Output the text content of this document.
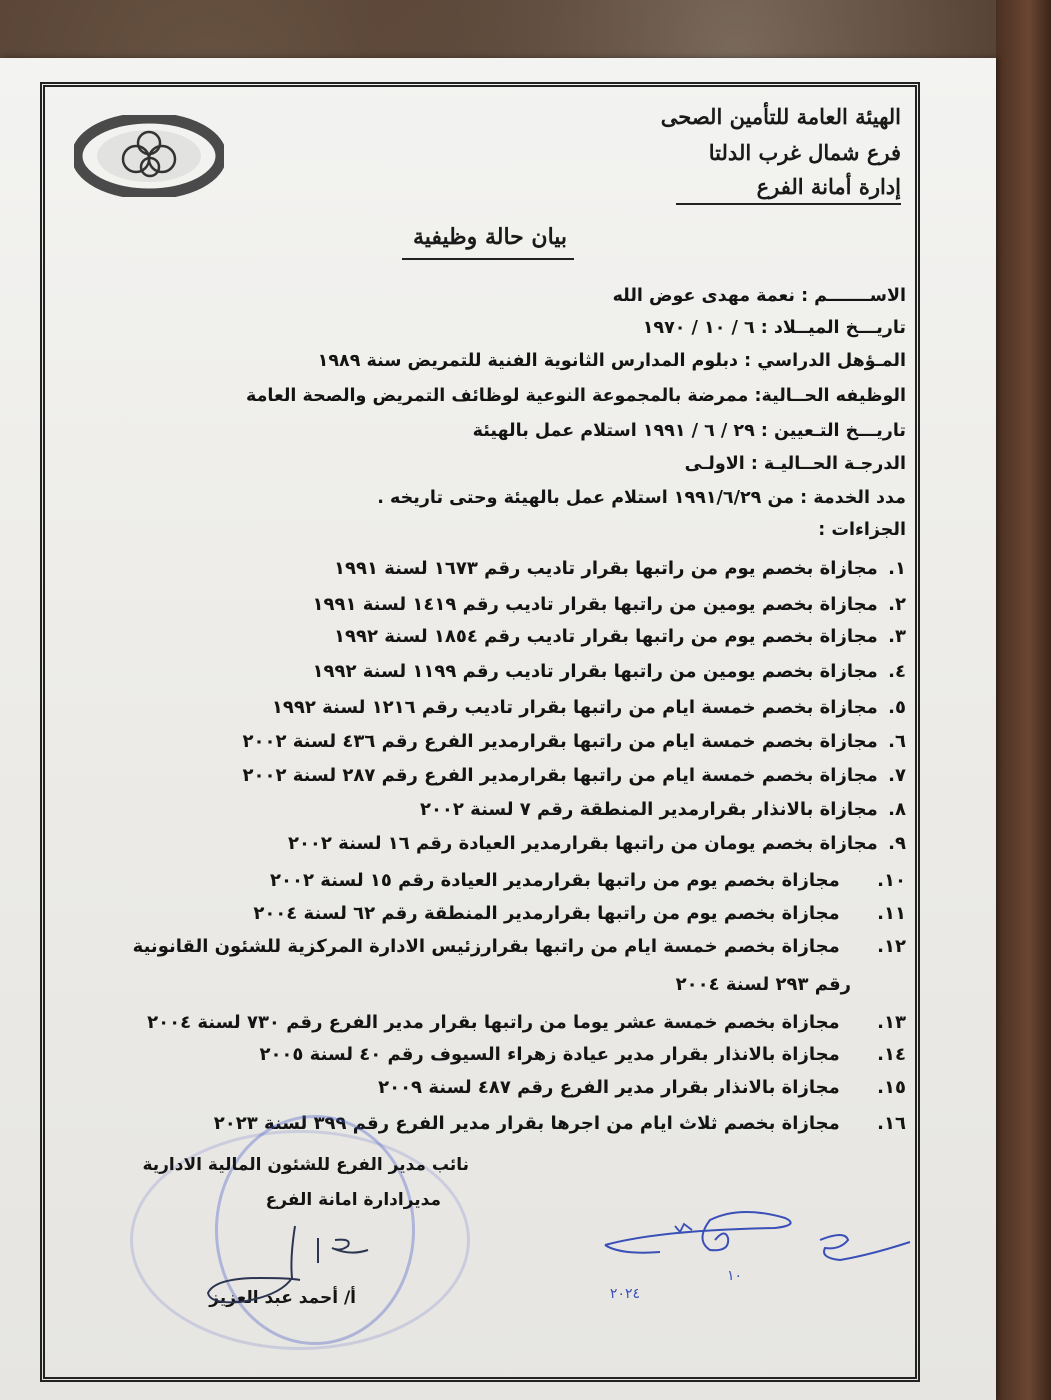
الهيئة العامة للتأمين الصحى
فرع شمال غرب الدلتا
إدارة أمانة الفرع
بيان حالة وظيفية
الاســـــــم : نعمة مهدى عوض الله
تاريـــخ الميــلاد : ٦ / ١٠ / ١٩٧٠
المـؤهل الدراسي : دبلوم المدارس الثانوية الفنية للتمريض سنة ١٩٨٩
الوظيفه الحــالية: ممرضة بالمجموعة النوعية لوظائف التمريض والصحة العامة
تاريـــخ التـعيين : ٢٩ / ٦ / ١٩٩١ استلام عمل بالهيئة
الدرجـة الحــاليـة : الاولـى
مدد الخدمة : من ١٩٩١/٦/٢٩ استلام عمل بالهيئة وحتى تاريخه .
الجزاءات :
١. مجازاة بخصم يوم من راتبها بقرار تاديب رقم ١٦٧٣ لسنة ١٩٩١
٢. مجازاة بخصم يومين من راتبها بقرار تاديب رقم ١٤١٩ لسنة ١٩٩١
٣. مجازاة بخصم يوم من راتبها بقرار تاديب رقم ١٨٥٤ لسنة ١٩٩٢
٤. مجازاة بخصم يومين من راتبها بقرار تاديب رقم ١١٩٩ لسنة ١٩٩٢
٥. مجازاة بخصم خمسة ايام من راتبها بقرار تاديب رقم ١٢١٦ لسنة ١٩٩٢
٦. مجازاة بخصم خمسة ايام من راتبها بقرارمدير الفرع رقم ٤٣٦ لسنة ٢٠٠٢
٧. مجازاة بخصم خمسة ايام من راتبها بقرارمدير الفرع رقم ٢٨٧ لسنة ٢٠٠٢
٨. مجازاة بالانذار بقرارمدير المنطقة رقم ٧ لسنة ٢٠٠٢
٩. مجازاة بخصم يومان من راتبها بقرارمدير العيادة رقم ١٦ لسنة ٢٠٠٢
١٠. مجازاة بخصم يوم من راتبها بقرارمدير العيادة رقم ١٥ لسنة ٢٠٠٢
١١. مجازاة بخصم يوم من راتبها بقرارمدير المنطقة رقم ٦٢ لسنة ٢٠٠٤
١٢. مجازاة بخصم خمسة ايام من راتبها بقرارزئيس الادارة المركزية للشئون القانونية
رقم ٢٩٣ لسنة ٢٠٠٤
١٣. مجازاة بخصم خمسة عشر يوما من راتبها بقرار مدير الفرع رقم ٧٣٠ لسنة ٢٠٠٤
١٤. مجازاة بالانذار بقرار مدير عيادة زهراء السيوف رقم ٤٠ لسنة ٢٠٠٥
١٥. مجازاة بالانذار بقرار مدير الفرع رقم ٤٨٧ لسنة ٢٠٠٩
١٦. مجازاة بخصم ثلاث ايام من اجرها بقرار مدير الفرع رقم ٣٩٩ لسنة ٢٠٢٣
نائب مدير الفرع للشئون المالية الادارية
مديرادارة امانة الفرع
أ/ أحمد عبد العزيز
١٠
٢٠٢٤
